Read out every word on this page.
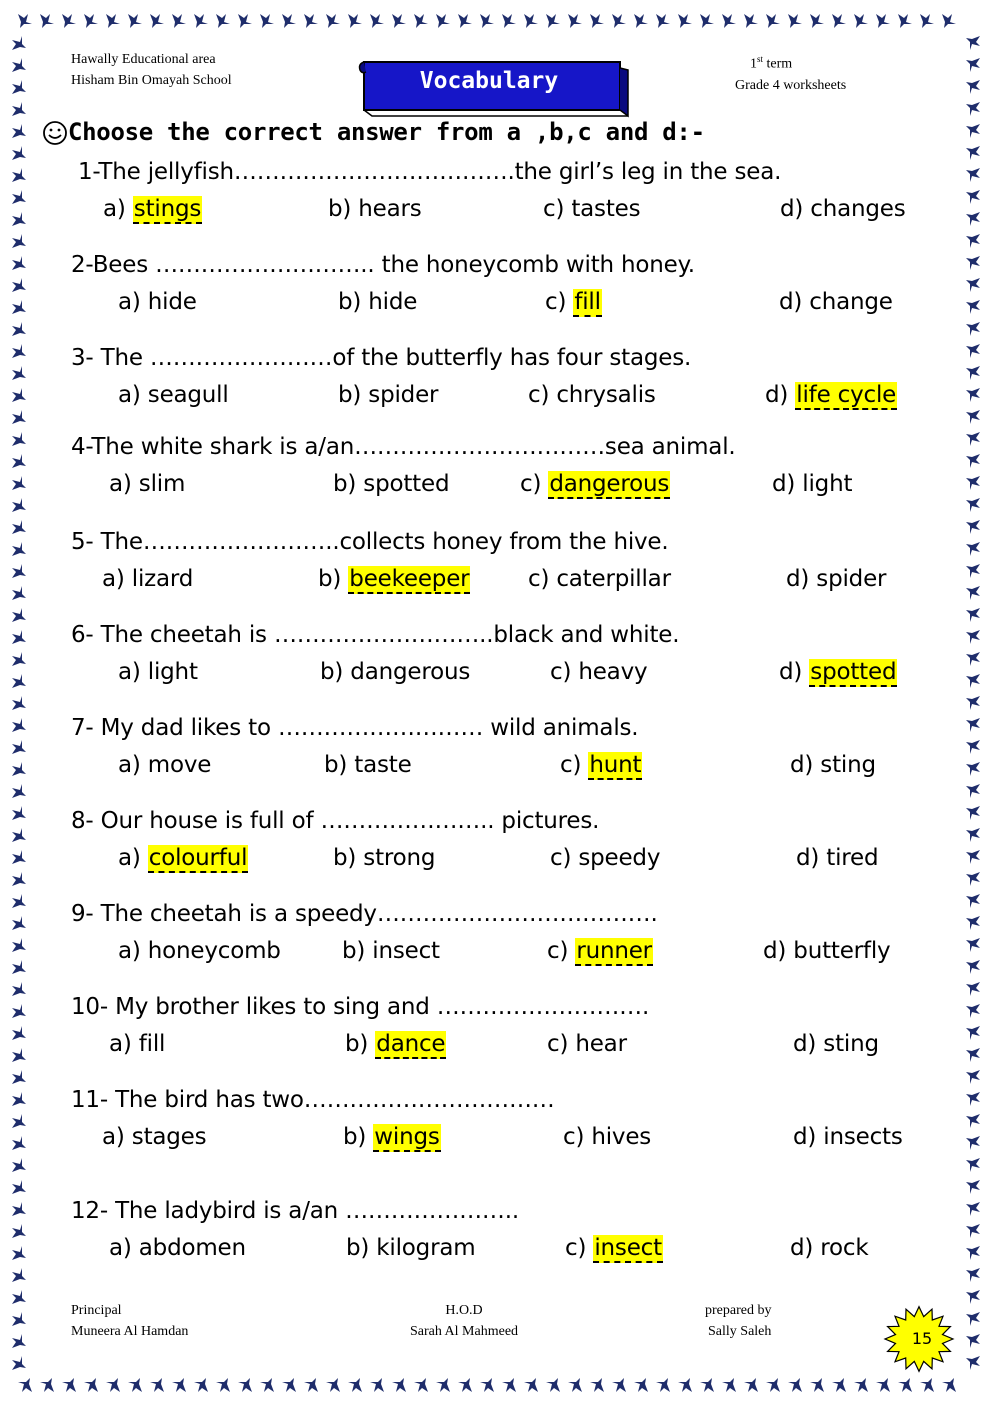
Hawally Educational area
Hisham Bin Omayah School
1st term
Grade 4 worksheets
Vocabulary
Choose the correct answer from a ,b,c and d:-
1-The jellyfish……………………………….the girl’s leg in the sea.
a) stings	b) hears	c) tastes	d) changes
2-Bees ……………………….. the honeycomb with honey.
a) hide	b) hide	c) fill	d) change
3- The ……………………of the butterfly has four stages.
a) seagull	b) spider	c) chrysalis	d) life cycle
4-The white shark is a/an……………………………sea animal.
a) slim	b) spotted	c) dangerous	d) light
5- The……………………..collects honey from the hive.
a) lizard	b) beekeeper	c) caterpillar	d) spider
6- The cheetah is ………………………..black and white.
a) light	b) dangerous	c) heavy	d) spotted
7- My dad likes to ……………………… wild animals.
a) move	b) taste	c) hunt	d) sting
8- Our house is full of ………………….. pictures.
a) colourful	b) strong	c) speedy	d) tired
9- The cheetah is a speedy……………………………….
a) honeycomb	b) insect	c) runner	d) butterfly
10- My brother likes to sing and ……………………….
a) fill	b) dance	c) hear	d) sting
11- The bird has two……………………………
a) stages	b) wings	c) hives	d) insects
12- The ladybird is a/an …………………..
a) abdomen	b) kilogram	c) insect	d) rock
Principal
Muneera Al Hamdan
H.O.D
Sarah Al Mahmeed
prepared by
Sally Saleh	15
